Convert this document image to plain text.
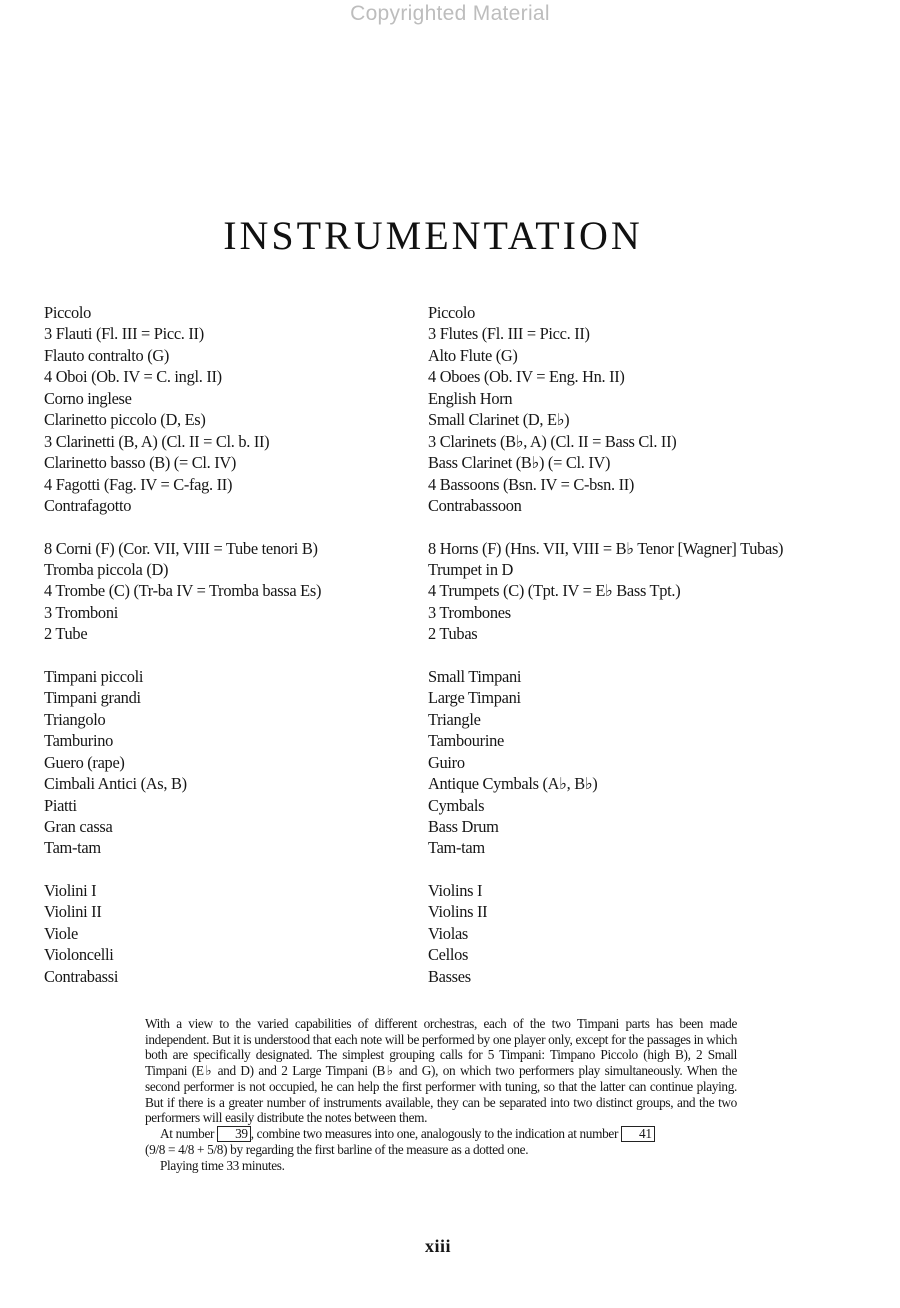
Copyrighted Material
INSTRUMENTATION
Piccolo
3 Flauti (Fl. III = Picc. II)
Flauto contralto (G)
4 Oboi (Ob. IV = C. ingl. II)
Corno inglese
Clarinetto piccolo (D, Es)
3 Clarinetti (B, A) (Cl. II = Cl. b. II)
Clarinetto basso (B) (= Cl. IV)
4 Fagotti (Fag. IV = C-fag. II)
Contrafagotto
8 Corni (F) (Cor. VII, VIII = Tube tenori B)
Tromba piccola (D)
4 Trombe (C) (Tr-ba IV = Tromba bassa Es)
3 Tromboni
2 Tube
Timpani piccoli
Timpani grandi
Triangolo
Tamburino
Guero (rape)
Cimbali Antici (As, B)
Piatti
Gran cassa
Tam-tam
Violini I
Violini II
Viole
Violoncelli
Contrabassi
Piccolo
3 Flutes (Fl. III = Picc. II)
Alto Flute (G)
4 Oboes (Ob. IV = Eng. Hn. II)
English Horn
Small Clarinet (D, E♭)
3 Clarinets (B♭, A) (Cl. II = Bass Cl. II)
Bass Clarinet (B♭) (= Cl. IV)
4 Bassoons (Bsn. IV = C-bsn. II)
Contrabassoon
8 Horns (F) (Hns. VII, VIII = B♭ Tenor [Wagner] Tubas)
Trumpet in D
4 Trumpets (C) (Tpt. IV = E♭ Bass Tpt.)
3 Trombones
2 Tubas
Small Timpani
Large Timpani
Triangle
Tambourine
Guiro
Antique Cymbals (A♭, B♭)
Cymbals
Bass Drum
Tam-tam
Violins I
Violins II
Violas
Cellos
Basses

With a view to the varied capabilities of different orchestras, each of the two Timpani parts has been made independent. But it is understood that each note will be performed by one player only, except for the passages in which both are specifically designated. The simplest grouping calls for 5 Timpani: Timpano Piccolo (high B), 2 Small Timpani (E♭ and D) and 2 Large Timpani (B♭ and G), on which two performers play simultaneously. When the second performer is not occupied, he can help the first performer with tuning, so that the latter can continue playing. But if there is a greater number of instruments available, they can be separated into two distinct groups, and the two performers will easily distribute the notes between them.

At number 39 , combine two measures into one, analogously to the indication at number 41
(9/8 = 4/8 + 5/8) by regarding the first barline of the measure as a dotted one.

Playing time 33 minutes.

xiii
